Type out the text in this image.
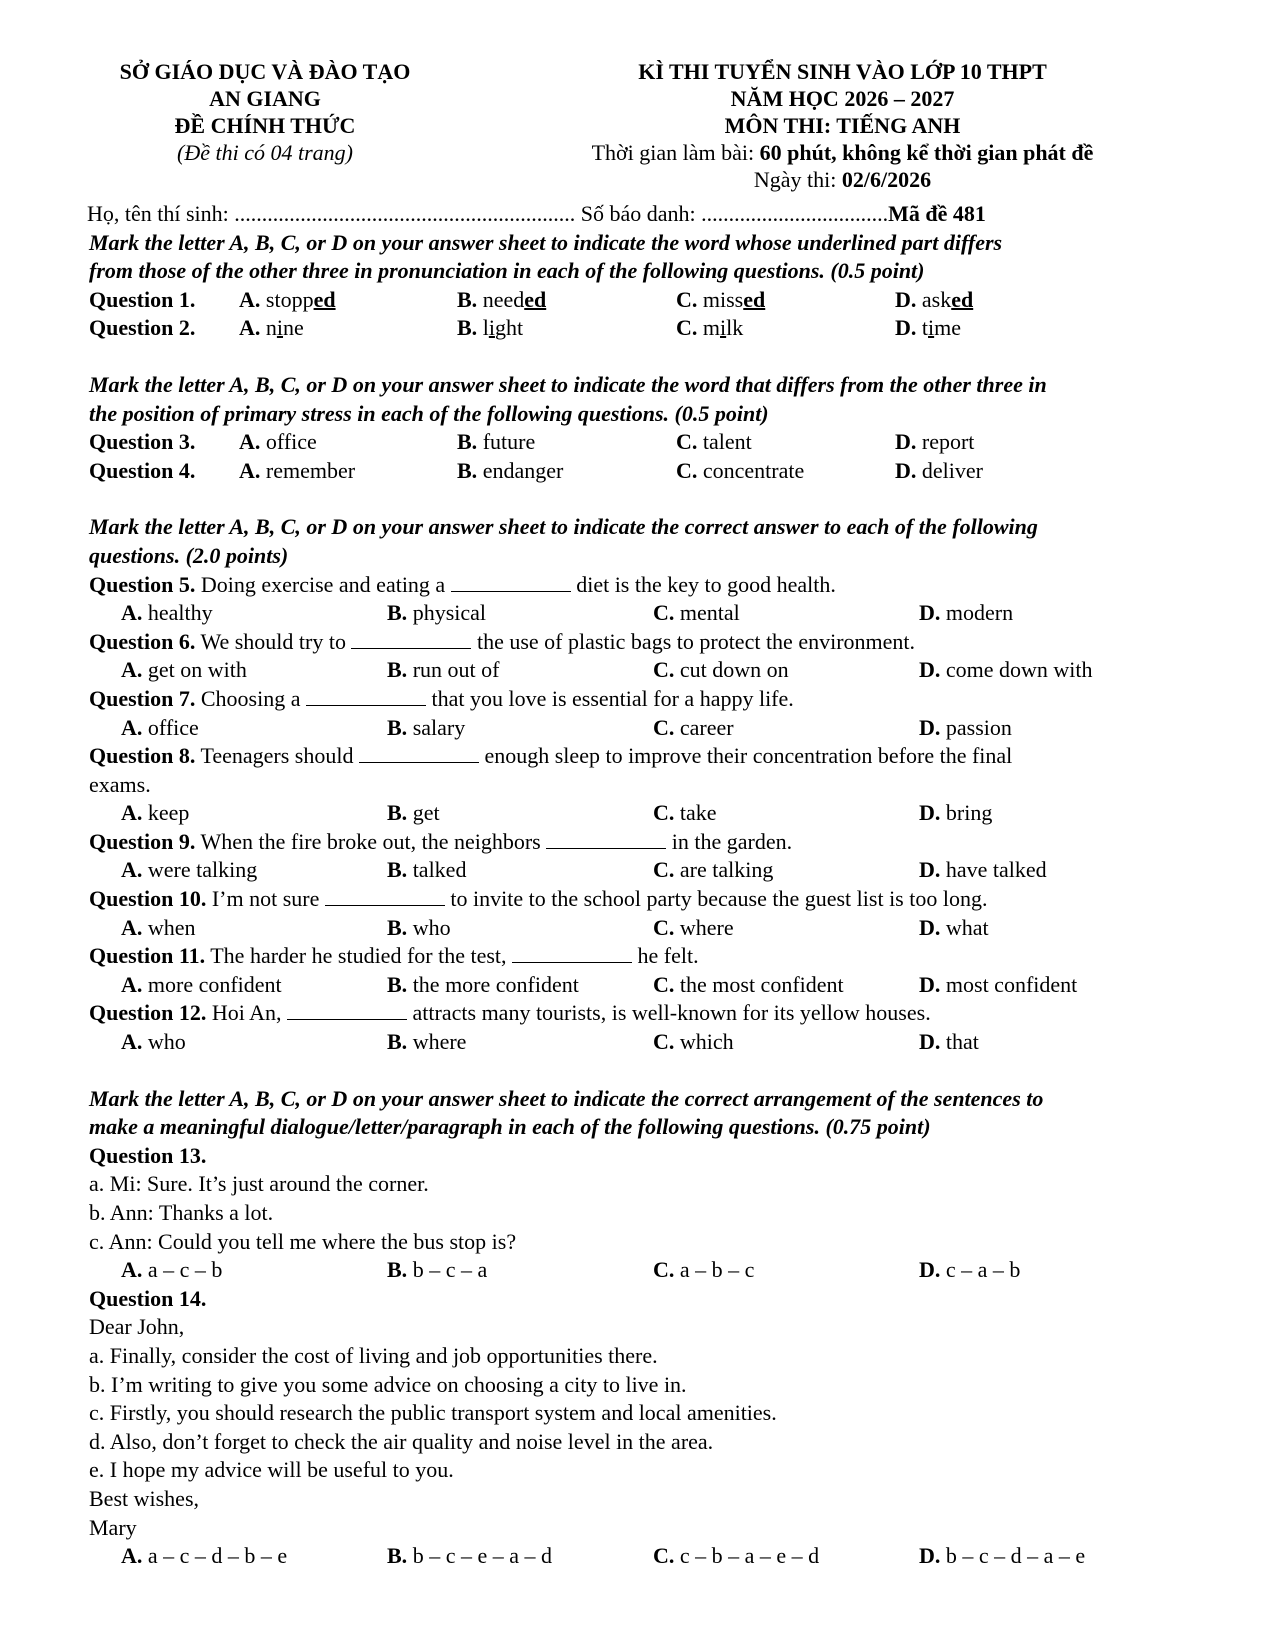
SỞ GIÁO DỤC VÀ ĐÀO TẠO
AN GIANG
ĐỀ CHÍNH THỨC
(Đề thi có 04 trang)
KÌ THI TUYỂN SINH VÀO LỚP 10 THPT
NĂM HỌC 2026 – 2027
MÔN THI: TIẾNG ANH
Thời gian làm bài: 60 phút, không kể thời gian phát đề
Ngày thi: 02/6/2026
Họ, tên thí sinh: .............................................................. Số báo danh: ..................................Mã đề 481
Mark the letter A, B, C, or D on your answer sheet to indicate the word whose underlined part differs
from those of the other three in pronunciation in each of the following questions. (0.5 point)
Question 1. A. stopped	B. needed	C. missed	D. asked
Question 2. A. nine	B. light	C. milk	D. time
Mark the letter A, B, C, or D on your answer sheet to indicate the word that differs from the other three in
the position of primary stress in each of the following questions. (0.5 point)
Question 3. A. office	B. future	C. talent	D. report
Question 4. A. remember	B. endanger	C. concentrate	D. deliver
Mark the letter A, B, C, or D on your answer sheet to indicate the correct answer to each of the following
questions. (2.0 points)
Question 5. Doing exercise and eating a	diet is the key to good health.
A. healthy	B. physical	C. mental	D. modern
Question 6. We should try to	the use of plastic bags to protect the environment.
A. get on with	B. run out of	C. cut down on	D. come down with
Question 7. Choosing a	that you love is essential for a happy life.
A. office	B. salary	C. career	D. passion
Question 8. Teenagers should	enough sleep to improve their concentration before the final
exams.
A. keep	B. get	C. take	D. bring
Question 9. When the fire broke out, the neighbors	in the garden.
A. were talking	B. talked	C. are talking	D. have talked
Question 10. I’m not sure	to invite to the school party because the guest list is too long.
A. when	B. who	C. where	D. what
Question 11. The harder he studied for the test,	he felt.
A. more confident	B. the more confident	C. the most confident	D. most confident
Question 12. Hoi An,	attracts many tourists, is well-known for its yellow houses.
A. who	B. where	C. which	D. that
Mark the letter A, B, C, or D on your answer sheet to indicate the correct arrangement of the sentences to
make a meaningful dialogue/letter/paragraph in each of the following questions. (0.75 point)
Question 13.
a. Mi: Sure. It’s just around the corner.
b. Ann: Thanks a lot.
c. Ann: Could you tell me where the bus stop is?
A. a – c – b	B. b – c – a	C. a – b – c	D. c – a – b
Question 14.
Dear John,
a. Finally, consider the cost of living and job opportunities there.
b. I’m writing to give you some advice on choosing a city to live in.
c. Firstly, you should research the public transport system and local amenities.
d. Also, don’t forget to check the air quality and noise level in the area.
e. I hope my advice will be useful to you.
Best wishes,
Mary
A. a – c – d – b – e	B. b – c – e – a – d	C. c – b – a – e – d	D. b – c – d – a – e
